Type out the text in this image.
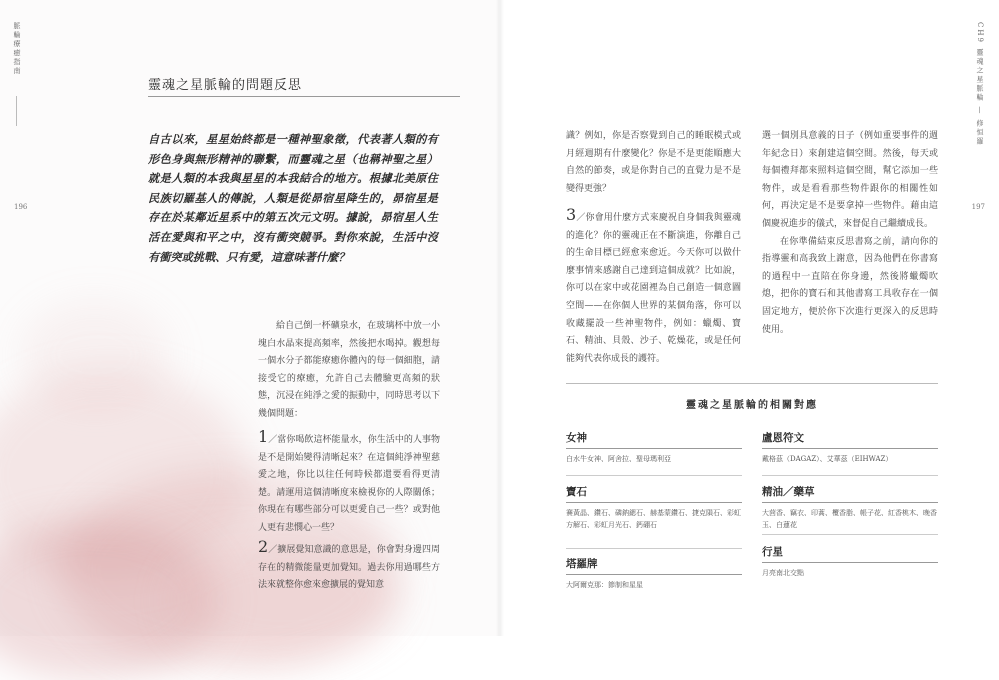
脈輪療癒指南
196
靈魂之星脈輪的問題反思

自古以來，星星始終都是一種神聖象徵，代表著人類的有形色身與無形精神的聯繫，而靈魂之星（也稱神聖之星）就是人類的本我與星星的本我結合的地方。根據北美原住民族切羅基人的傳說，人類是從昴宿星降生的，昴宿星是存在於某鄰近星系中的第五次元文明。據說，昴宿星人生活在愛與和平之中，沒有衝突競爭。對你來說，生活中沒有衝突或挑戰、只有愛，這意味著什麼？

給自己倒一杯礦泉水，在玻璃杯中放一小塊白水晶來提高頻率，然後把水喝掉。觀想每一個水分子都能療癒你體內的每一個細胞，請接受它的療癒，允許自己去體驗更高頻的狀態，沉浸在純淨之愛的振動中，同時思考以下幾個問題：

1／當你喝飲這杯能量水，你生活中的人事物是不是開始變得清晰起來？在這個純淨神聖慈愛之地，你比以往任何時候都還要看得更清楚。請運用這個清晰度來檢視你的人際關係；你現在有哪些部分可以更愛自己一些？或對他人更有悲憫心一些？

2／擴展覺知意識的意思是，你會對身邊四周存在的精微能量更加覺知。過去你用過哪些方法來就整你愈來愈擴展的覺知意

CH9 靈魂之星脈輪 — 修恒羅
197

識？例如，你是否察覺到自己的睡眠模式或月經週期有什麼變化？你是不是更能順應大自然的節奏，或是你對自己的直覺力是不是變得更強？

3／你會用什麼方式來慶祝自身個我與靈魂的進化？你的靈魂正在不斷演進，你離自己的生命目標已經愈來愈近。今天你可以做什麼事情來感謝自己達到這個成就？比如說，你可以在家中或花園裡為自己創造一個意圖空間——在你個人世界的某個角落，你可以收藏擺設一些神聖物件，例如：蠟燭、寶石、精油、貝殼、沙子、乾燥花，或是任何能夠代表你成長的護符。

選一個別具意義的日子（例如重要事件的週年紀念日）來創建這個空間。然後，每天或每個禮拜都來照料這個空間，幫它添加一些物件，或是看看那些物件跟你的相關性如何，再決定是不是要拿掉一些物件。藉由這個慶祝進步的儀式，來督促自己繼續成長。

在你準備結束反思書寫之前，請向你的指導靈和高我致上謝意，因為他們在你書寫的過程中一直陪在你身邊，然後將蠟燭吹熄，把你的寶石和其他書寫工具收存在一個固定地方，便於你下次進行更深入的反思時使用。

靈魂之星脈輪的相關對應

女神

白水牛女神、阿舍拉、聖母瑪利亞

盧恩符文

戴格茲（DAGAZ）、艾華茲（EIHWAZ）

寶石

賽黃晶、鑽石、磷鈉鍶石、赫基蒙鑽石、捷克隕石、彩虹方解石、彩虹月光石、鈣硼石

精油／藥草

大茴香、竊衣、印蒿、欖香脂、帳子花、紅香桃木、晚香玉、白蓮花

塔羅牌

大阿爾克那：節制和星星

行星

月亮南北交點
